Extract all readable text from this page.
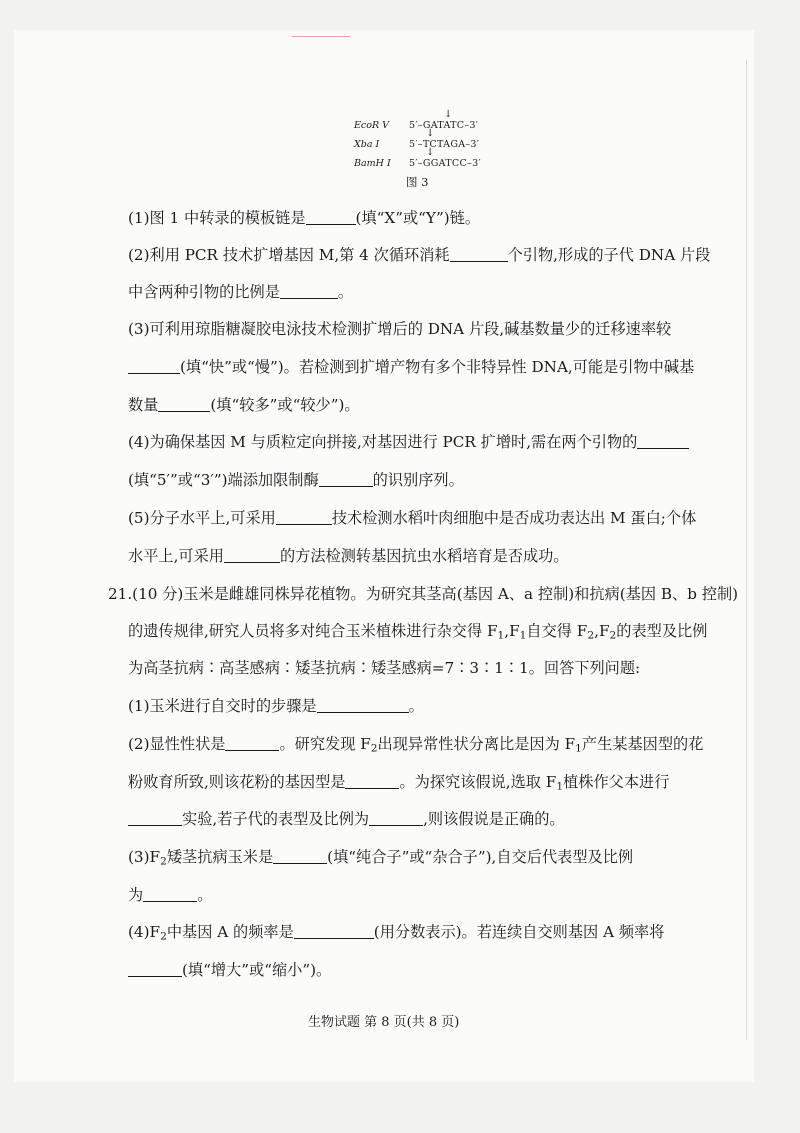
EcoR V 5′–GATATC–3′
↓
Xba I	5′–TCTAGA–3′
↓
BamH I 5′–GGATCC–3′
↓
图 3
(1)图 1 中转录的模板链是	(填“X”或“Y”)链。
(2)利用 PCR 技术扩增基因 M,第 4 次循环消耗	个引物,形成的子代 DNA 片段
中含两种引物的比例是	。
(3)可利用琼脂糖凝胶电泳技术检测扩增后的 DNA 片段,碱基数量少的迁移速率较
(填“快”或“慢”)。若检测到扩增产物有多个非特异性 DNA,可能是引物中碱基
数量	(填“较多”或“较少”)。
(4)为确保基因 M 与质粒定向拼接,对基因进行 PCR 扩增时,需在两个引物的
(填“5′”或“3′”)端添加限制酶	的识别序列。
(5)分子水平上,可采用	技术检测水稻叶肉细胞中是否成功表达出 M 蛋白;个体
水平上,可采用	的方法检测转基因抗虫水稻培育是否成功。
21.(10 分)玉米是雌雄同株异花植物。为研究其茎高(基因 A、a 控制)和抗病(基因 B、b 控制)
的遗传规律,研究人员将多对纯合玉米植株进行杂交得 $F_1,F_1$自交得 $F_2,F_2$的表型及比例
为高茎抗病∶高茎感病∶矮茎抗病∶矮茎感病=7∶3∶1∶1。回答下列问题:
(1)玉米进行自交时的步骤是	。
(2)显性性状是	。研究发现 $F_2$出现异常性状分离比是因为 $F_1$产生某基因型的花
粉败育所致,则该花粉的基因型是	。为探究该假说,选取 $F_1$植株作父本进行
实验,若子代的表型及比例为	,则该假说是正确的。
$(3)F_2$矮茎抗病玉米是	(填“纯合子”或“杂合子”),自交后代表型及比例
为	。
$(4)F_2$中基因 A 的频率是	(用分数表示)。若连续自交则基因 A 频率将
(填“增大”或“缩小”)。
生物试题 第 8 页(共 8 页)
